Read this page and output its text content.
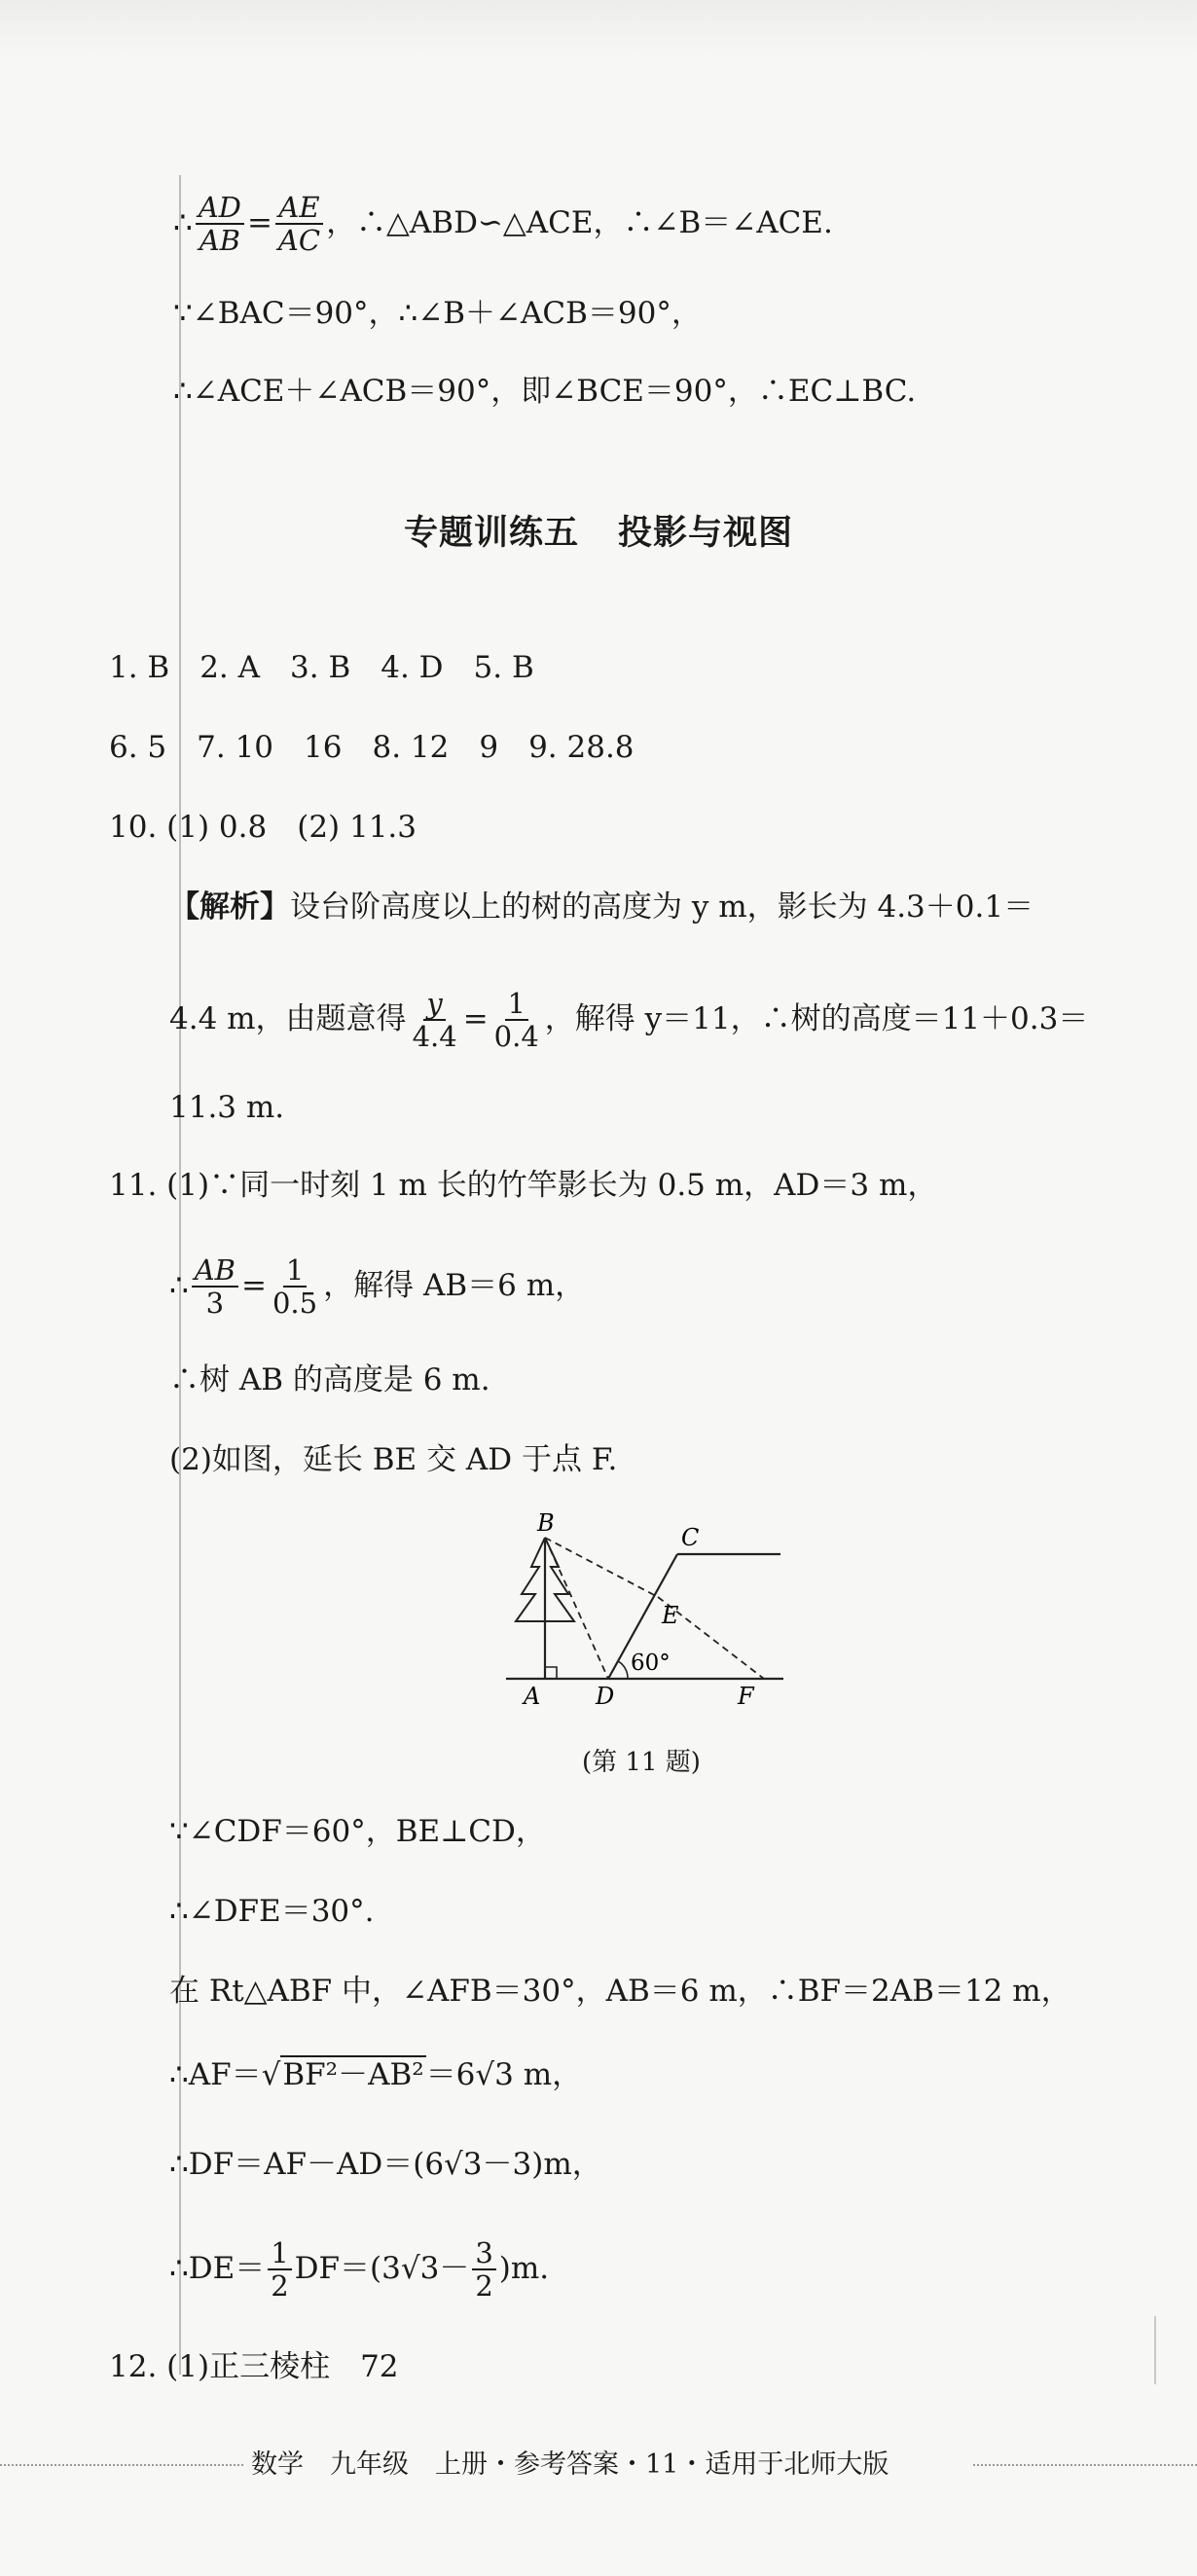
∴ $\frac{AD}{AB} = \frac{AE}{AC}$ ，∴△ABD∽△ACE，∴∠B＝∠ACE.
∵∠BAC＝90°，∴∠B＋∠ACB＝90°，
∴∠ACE＋∠ACB＝90°，即∠BCE＝90°，∴EC⊥BC.
专题训练五 投影与视图
1. B　2. A　3. B　4. D　5. B
6. 5　7. 10　16　8. 12　9　9. 28.8
10. (1) 0.8　(2) 11.3
【解析】设台阶高度以上的树的高度为 y m，影长为 4.3＋0.1＝
4.4 m，由题意得 $\frac{y}{4.4} = \frac{1}{0.4}$ ，解得 y＝11，∴树的高度＝11＋0.3＝
11.3 m.
11. (1)∵同一时刻 1 m 长的竹竿影长为 0.5 m，AD＝3 m，
∴ $\frac{AB}{3} = \frac{1}{0.5}$ ，解得 AB＝6 m，
∴树 AB 的高度是 6 m.
(2)如图，延长 BE 交 AD 于点 F.
B
C
E
A D	F
60°
(第 11 题)
∵∠CDF＝60°，BE⊥CD，
∴∠DFE＝30°.
在 Rt△ABF 中，∠AFB＝30°，AB＝6 m，∴BF＝2AB＝12 m，
∴AF＝√BF²－AB²＝6√3 m，
∴DF＝AF－AD＝(6√3－3)m，
∴DE＝ $\frac{1}{2} DF=(3√3- \frac{3}{2} )m$.
12. (1)正三棱柱　72
数学　九年级　上册・参考答案・11・适用于北师大版
